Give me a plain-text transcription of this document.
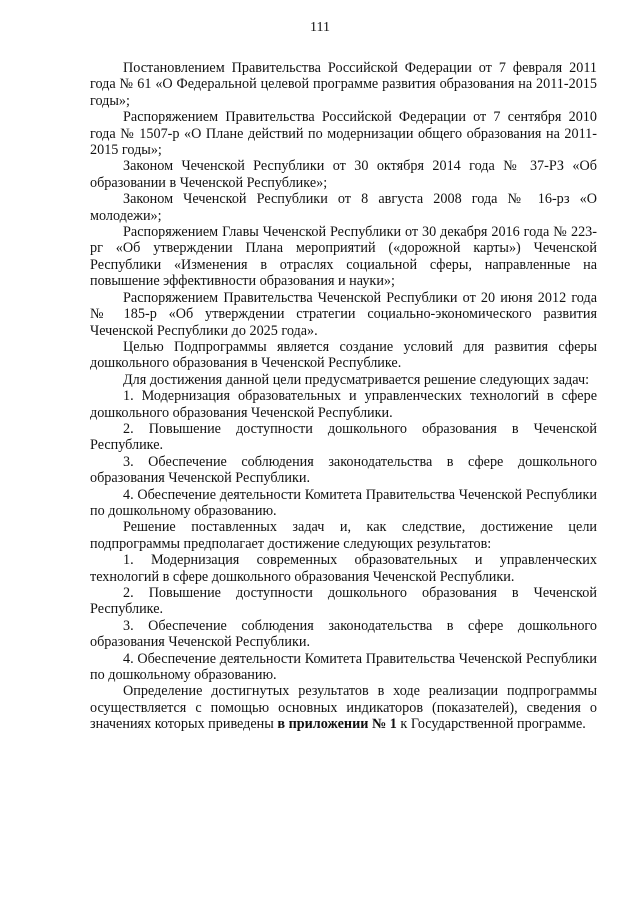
111

Постановлением Правительства Российской Федерации от 7 февраля 2011 года № 61 «О Федеральной целевой программе развития образования на 2011-2015 годы»;

Распоряжением Правительства Российской Федерации от 7 сентября 2010 года № 1507-р «О Плане действий по модернизации общего образования на 2011-2015 годы»;

Законом Чеченской Республики от 30 октября 2014 года № 37-РЗ «Об образовании в Чеченской Республике»;

Законом Чеченской Республики от 8 августа 2008 года № 16-рз «О молодежи»;

Распоряжением Главы Чеченской Республики от 30 декабря 2016 года № 223-рг «Об утверждении Плана мероприятий («дорожной карты») Чеченской Республики «Изменения в отраслях социальной сферы, направленные на повышение эффективности образования и науки»;

Распоряжением Правительства Чеченской Республики от 20 июня 2012 года № 185-р «Об утверждении стратегии социально-экономического развития Чеченской Республики до 2025 года».

Целью Подпрограммы является создание условий для развития сферы дошкольного образования в Чеченской Республике.

Для достижения данной цели предусматривается решение следующих задач:

1. Модернизация образовательных и управленческих технологий в сфере дошкольного образования Чеченской Республики.

2. Повышение доступности дошкольного образования в Чеченской Республике.

3. Обеспечение соблюдения законодательства в сфере дошкольного образования Чеченской Республики.

4. Обеспечение деятельности Комитета Правительства Чеченской Республики по дошкольному образованию.

Решение поставленных задач и, как следствие, достижение цели подпрограммы предполагает достижение следующих результатов:

1. Модернизация современных образовательных и управленческих технологий в сфере дошкольного образования Чеченской Республики.

2. Повышение доступности дошкольного образования в Чеченской Республике.

3. Обеспечение соблюдения законодательства в сфере дошкольного образования Чеченской Республики.

4. Обеспечение деятельности Комитета Правительства Чеченской Республики по дошкольному образованию.

Определение достигнутых результатов в ходе реализации подпрограммы осуществляется с помощью основных индикаторов (показателей), сведения о значениях которых приведены в приложении № 1 к Государственной программе.
